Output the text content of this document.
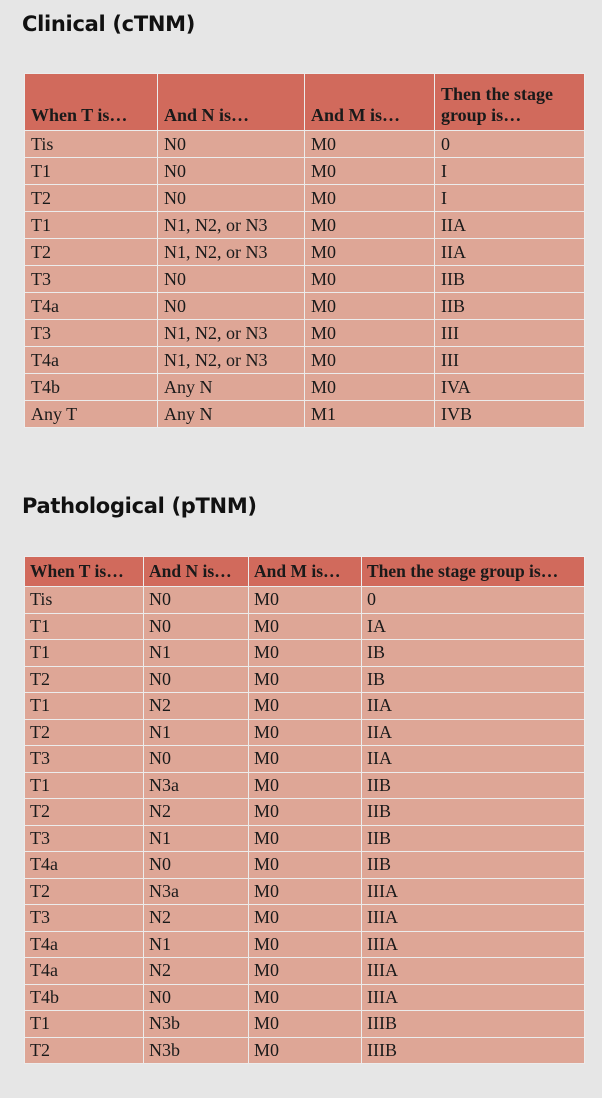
Clinical (cTNM)
When T is…	And N is…	And M is…	Then the stage group is…
Tis	N0	M0	0
T1	N0	M0	I
T2	N0	M0	I
T1	N1, N2, or N3	M0	IIA
T2	N1, N2, or N3	M0	IIA
T3	N0	M0	IIB
T4a	N0	M0	IIB
T3	N1, N2, or N3	M0	III
T4a	N1, N2, or N3	M0	III
T4b	Any N	M0	IVA
Any T	Any N	M1	IVB
Pathological (pTNM)
When T is…	And N is…	And M is…	Then the stage group is…
Tis	N0	M0	0
T1	N0	M0	IA
T1	N1	M0	IB
T2	N0	M0	IB
T1	N2	M0	IIA
T2	N1	M0	IIA
T3	N0	M0	IIA
T1	N3a	M0	IIB
T2	N2	M0	IIB
T3	N1	M0	IIB
T4a	N0	M0	IIB
T2	N3a	M0	IIIA
T3	N2	M0	IIIA
T4a	N1	M0	IIIA
T4a	N2	M0	IIIA
T4b	N0	M0	IIIA
T1	N3b	M0	IIIB
T2	N3b	M0	IIIB
